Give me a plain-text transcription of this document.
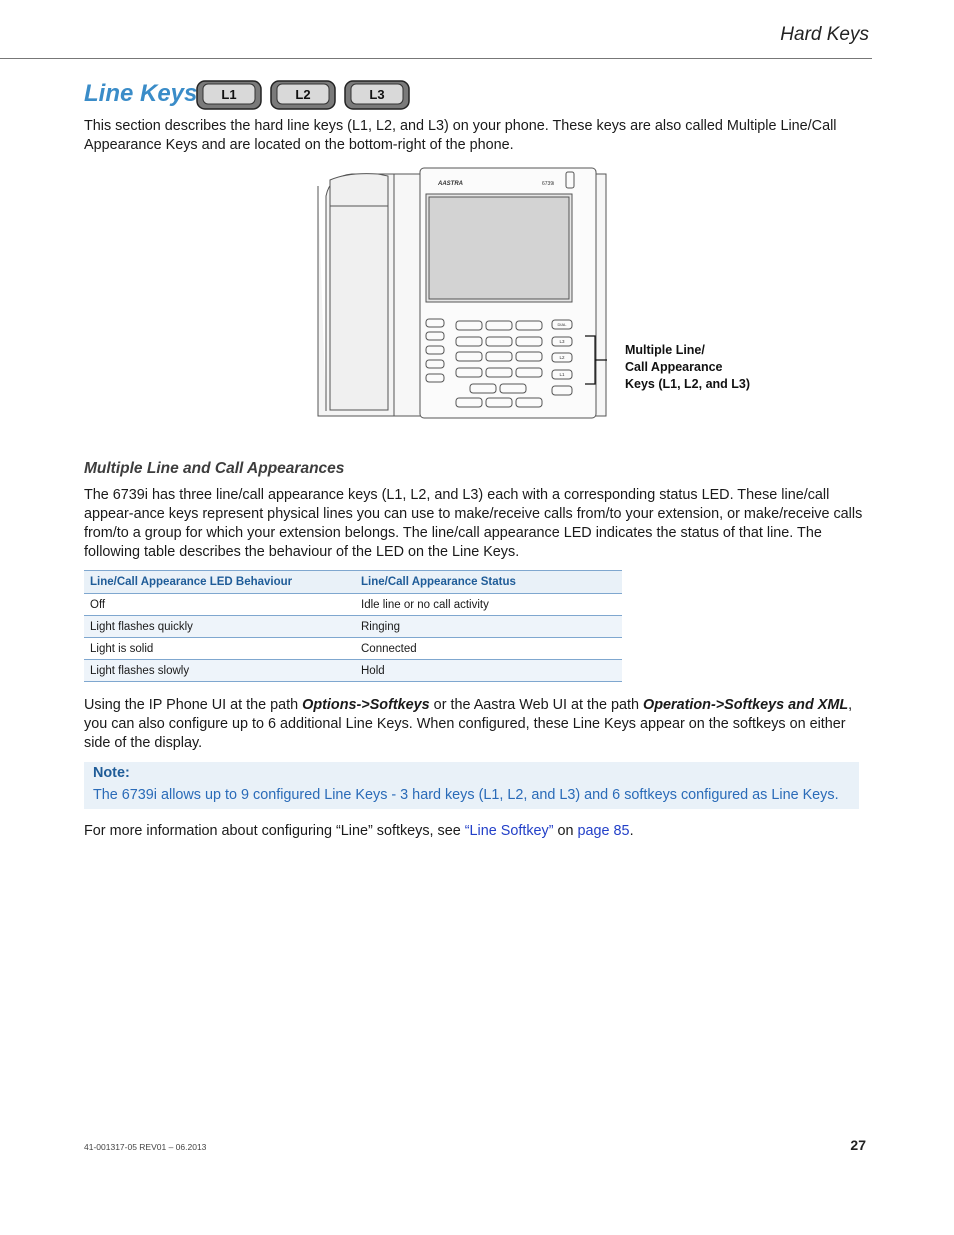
Hard Keys
Line Keys L1	L2	L3
This section describes the hard line keys (L1, L2, and L3) on your phone. These keys are also called Multiple Line/Call Appearance Keys and are located on the bottom-right of the phone.
AASTRA	6739i
DIAL
L3
L2
L1
Multiple Line/
Call Appearance
Keys (L1, L2, and L3)
Multiple Line and Call Appearances
The 6739i has three line/call appearance keys (L1, L2, and L3) each with a corresponding status LED. These line/call appear-ance keys represent physical lines you can use to make/receive calls from/to your extension, or make/receive calls from/to a group for which your extension belongs. The line/call appearance LED indicates the status of that line. The following table describes the behaviour of the LED on the Line Keys.
Line/Call Appearance LED Behaviour	Line/Call Appearance Status
Off	Idle line or no call activity
Light flashes quickly	Ringing
Light is solid	Connected
Light flashes slowly	Hold
Using the IP Phone UI at the path Options->Softkeys or the Aastra Web UI at the path Operation->Softkeys and XML, you can also configure up to 6 additional Line Keys. When configured, these Line Keys appear on the softkeys on either side of the display.
Note:
The 6739i allows up to 9 configured Line Keys - 3 hard keys (L1, L2, and L3) and 6 softkeys configured as Line Keys.
For more information about configuring “Line” softkeys, see “Line Softkey” on page 85.
41-001317-05 REV01 – 06.2013	27
